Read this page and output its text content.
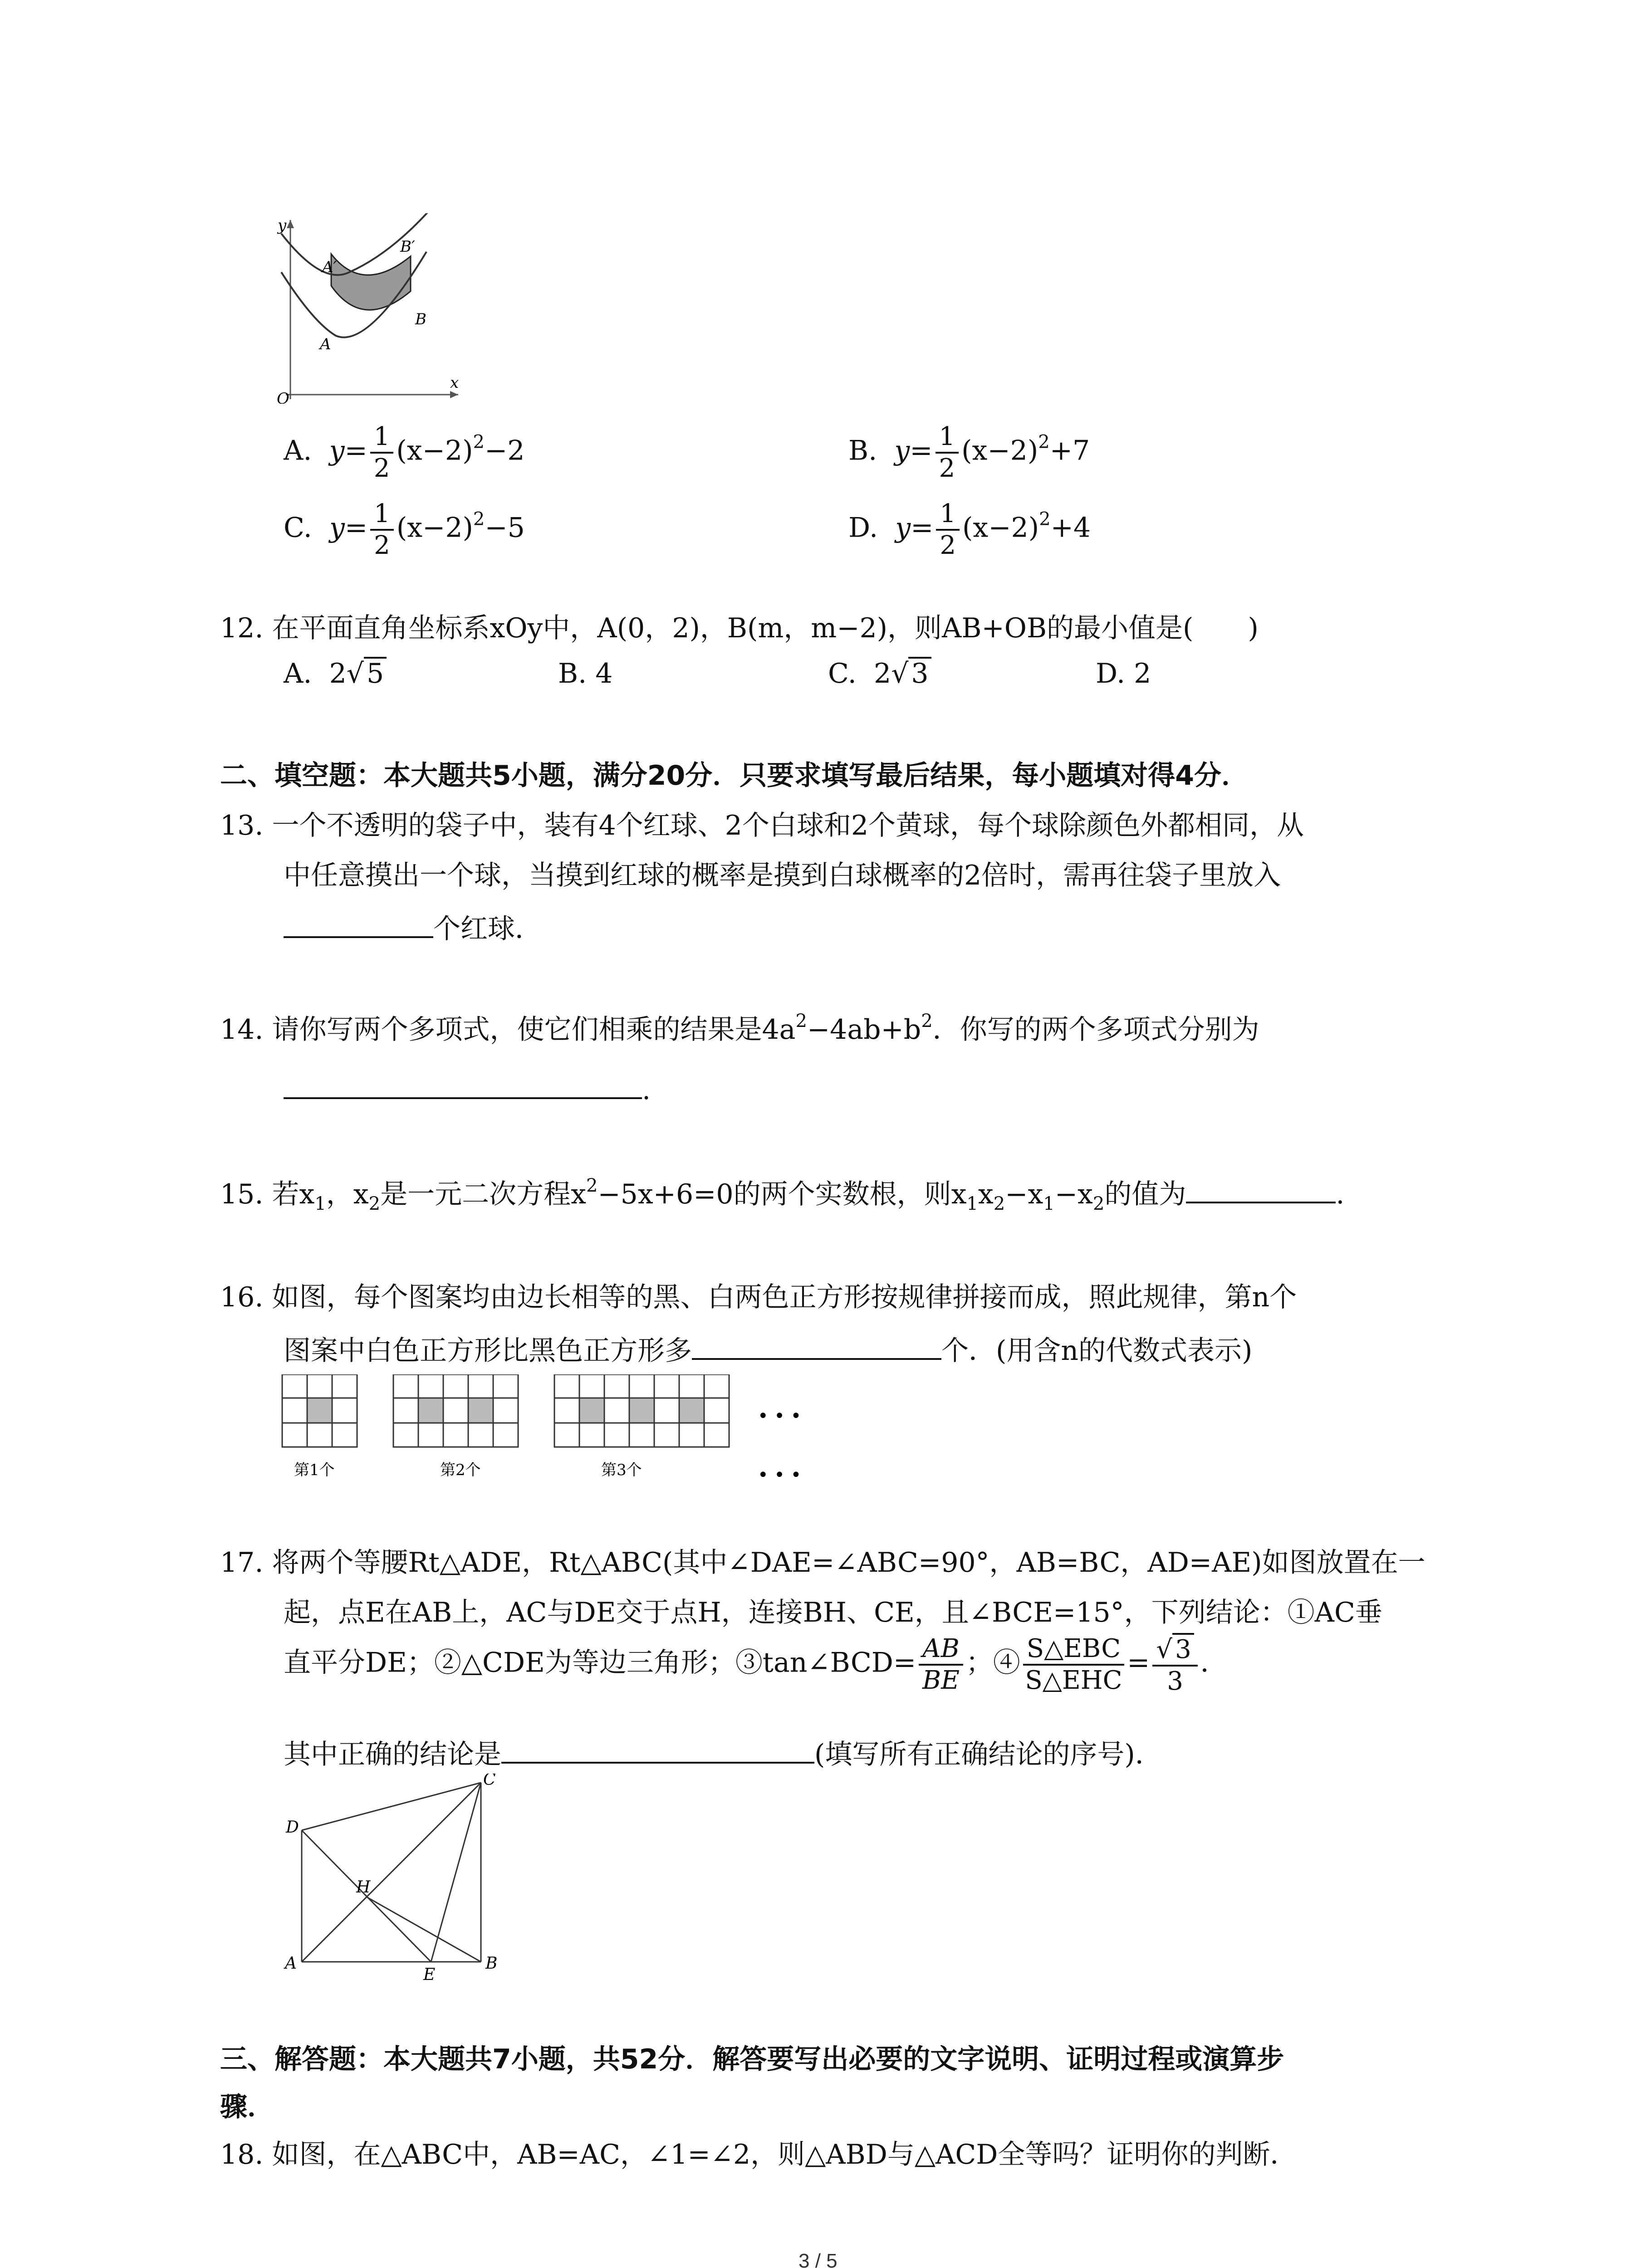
y
x
O
A
B
A′
B′
A. $y= \frac{1}{2} (x-2)^2-2$	B. $y= \frac{1}{2} (x-2)^2+7$
C. $y= \frac{1}{2} (x-2)^2-5$	D. $y= \frac{1}{2} (x-2)^2+4$
12. 在平面直角坐标系xOy中，A(0，2)，B(m，m−2)，则AB+OB的最小值是(　　)
A. 2√ 5	B. 4	C. 2√ 3	D. 2
二、填空题：本大题共5小题，满分20分．只要求填写最后结果，每小题填对得4分．
13. 一个不透明的袋子中，装有4个红球、2个白球和2个黄球，每个球除颜色外都相同，从
中任意摸出一个球，当摸到红球的概率是摸到白球概率的2倍时，需再往袋子里放入
个红球．
14. 请你写两个多项式，使它们相乘的结果是$4a^2-4ab+b^2$．你写的两个多项式分别为
.
15. 若$x_1$，$x_2$是一元二次方程$x^2-5x+6=0$的两个实数根，则$x_1x_2-x_1-x_2$的值为	.
16. 如图，每个图案均由边长相等的黑、白两色正方形按规律拼接而成，照此规律，第n个
图案中白色正方形比黑色正方形多	个．(用含n的代数式表示)
第1个	第2个	第3个
• • •
• • •
17. 将两个等腰Rt△ADE，Rt△ABC(其中∠DAE=∠ABC=90°，AB=BC，AD=AE)如图放置在一
起，点E在AB上，AC与DE交于点H，连接BH、CE，且∠BCE=15°，下列结论：①AC垂
直平分DE；②△CDE为等边三角形；③tan∠BCD= $\frac{AB}{BE}$ ；④ $\frac{\text{S△EBC}}{\text{S△EHC}} = \frac{√ 3}{3}$ ．
其中正确的结论是	(填写所有正确结论的序号)．
D
C
H
A
E
B
三、解答题：本大题共7小题，共52分．解答要写出必要的文字说明、证明过程或演算步
骤．
18. 如图，在△ABC中，AB=AC，∠1=∠2，则△ABD与△ACD全等吗？证明你的判断．
3 / 5
